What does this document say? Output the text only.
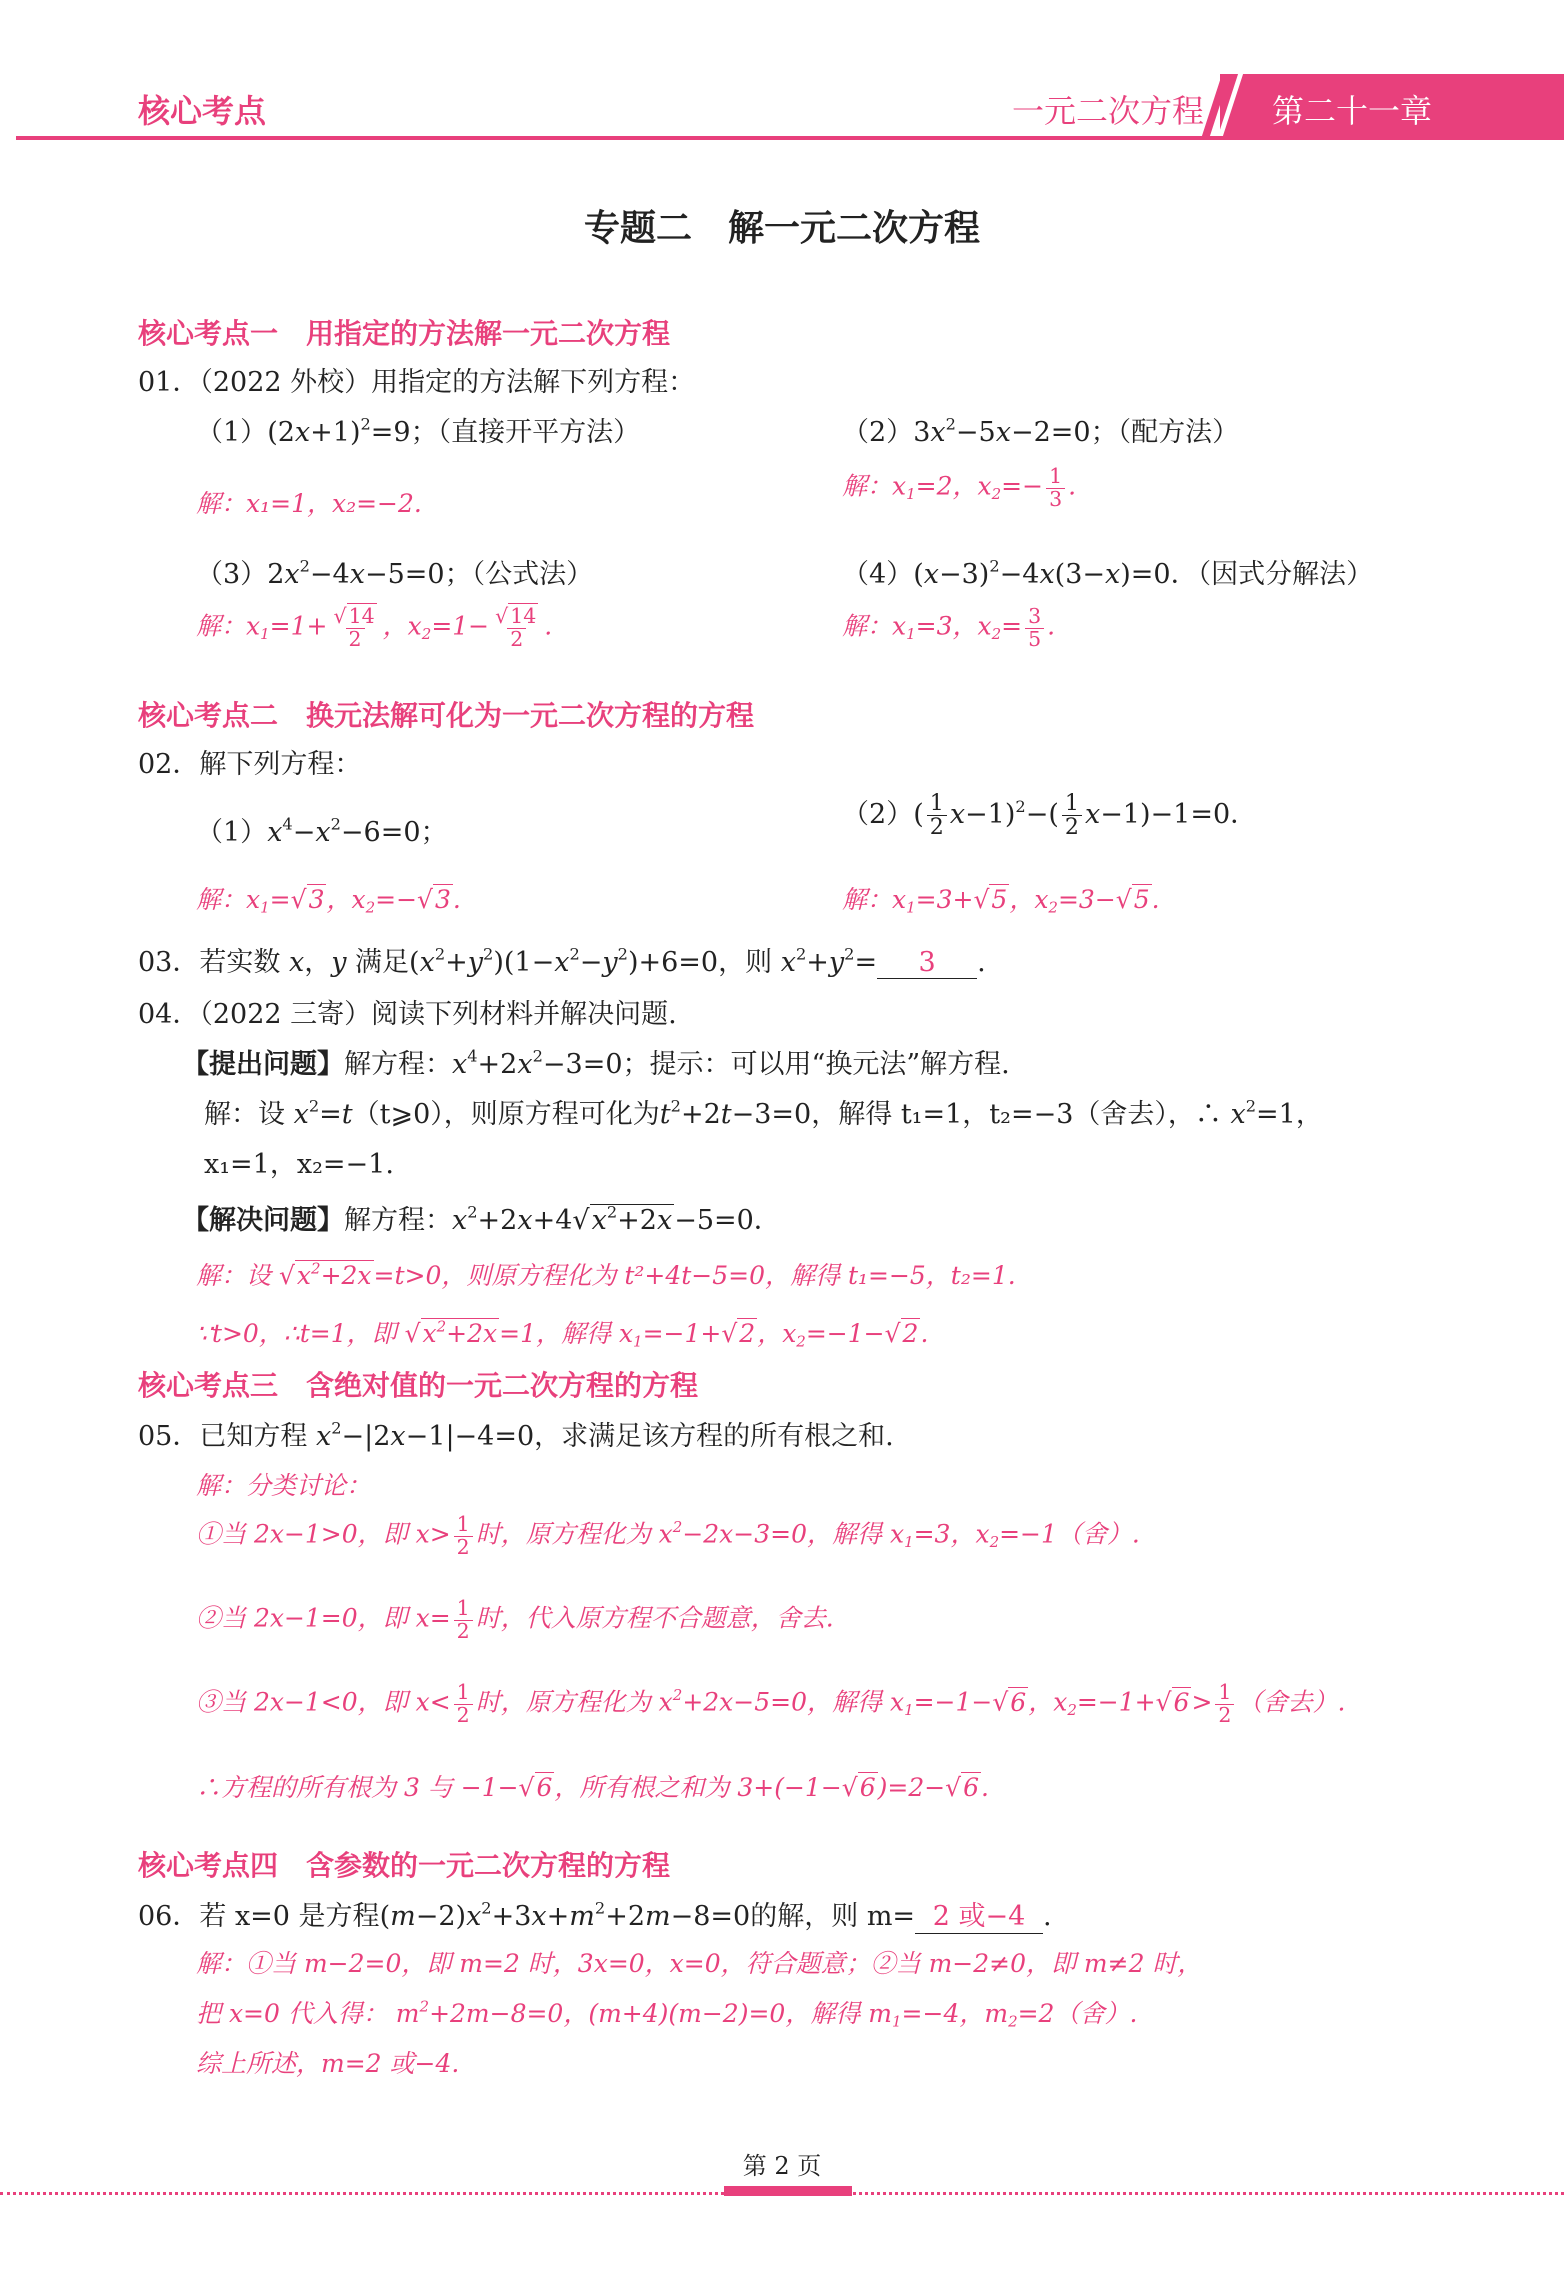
核心考点	一元二次方程 第二十一章
专题二　解一元二次方程
核心考点一　用指定的方法解一元二次方程
01．（2022 外校）用指定的方法解下列方程：
$(1)(2x+1)^2=9$；（直接开平方法）	$(2)3x^2-5x-2=0$；（配方法）
解：x₁=1，x₂=−2.
解：$x_1=2$，$x_2=- \frac{1}{3}$ .
$(3)2x^2-4x-5=0$；（公式法）	$(4)(x-3)^2-4x(3-x)=0$．（因式分解法）
解：$x_1=1+ \frac{√14}{2}$ ，$x_2=1- \frac{√14}{2}$ .	解：$x_1=3$，$x_2= \frac{3}{5}$ .
核心考点二　换元法解可化为一元二次方程的方程
02．解下列方程：
$(1)x^4-x^2-6=0$；
$(2)( \frac{1}{2} x-1)^2-( \frac{1}{2} x-1)-1=0$．
解：$x_1=√3$，$x_2=-√3$.	解：$x_1=3+√5$，$x_2=3-√5$.
03．若实数 x，y 满足$(x^2+y^2)(1-x^2-y^2)+6=0$，则 $x^2+y^2= 3$ .
04．（2022 三寄）阅读下列材料并解决问题.
【提出问题】解方程：$x^4+2x^2-3=0$；提示：可以用“换元法”解方程.
解：设 $x^2=t(t⩾0)$，则原方程可化为$t^2+2t-3=0$，解得 t₁=1，t₂=−3（舍去），∴ $x^2=1$，
x₁=1，x₂=−1.
【解决问题】解方程：$x^2+2x+4√x^2+2x-5=0$．
解：设 $√x^2+2x=t>0$，则原方程化为 t²+4t−5=0，解得 t₁=−5，t₂=1.
∵t>0，∴t=1，即 $√x^2+2x=1$，解得 $x_1=-1+√2$，$x_2=-1-√2$.
核心考点三　含绝对值的一元二次方程的方程
05．已知方程 $x^2-|2x-1|-4=0$，求满足该方程的所有根之和.
解：分类讨论：
①当 2x−1>0，即 $x> \frac{1}{2}$ 时，原方程化为 $x^2-2x-3=0$，解得 $x_1=3$，$x_2=-1$（舍）.
②当 2x−1=0，即 $x= \frac{1}{2}$ 时，代入原方程不合题意，舍去.
③当 2x−1<0，即 $x< \frac{1}{2}$ 时，原方程化为 $x^2+2x-5=0$，解得 $x_1=-1-√6$，$x_2=-1+√6> \frac{1}{2}$ （舍去）.
∴方程的所有根为 3 与 −1−√6，所有根之和为 3+(−1−√6)=2−√6.
核心考点四　含参数的一元二次方程的方程
06．若 x=0 是方程$(m-2)x^2+3x+m^2+2m-8=0$的解，则 m= 2 或−4 .
解：①当 m−2=0，即 m=2 时，3x=0，x=0，符合题意；②当 m−2≠0，即 m≠2 时，
把 x=0 代入得： $m^2+2m-8=0$，(m+4)(m−2)=0，解得 $m_1=-4$，$m_2=2$（舍）.
综上所述，m=2 或−4.
第 2 页
